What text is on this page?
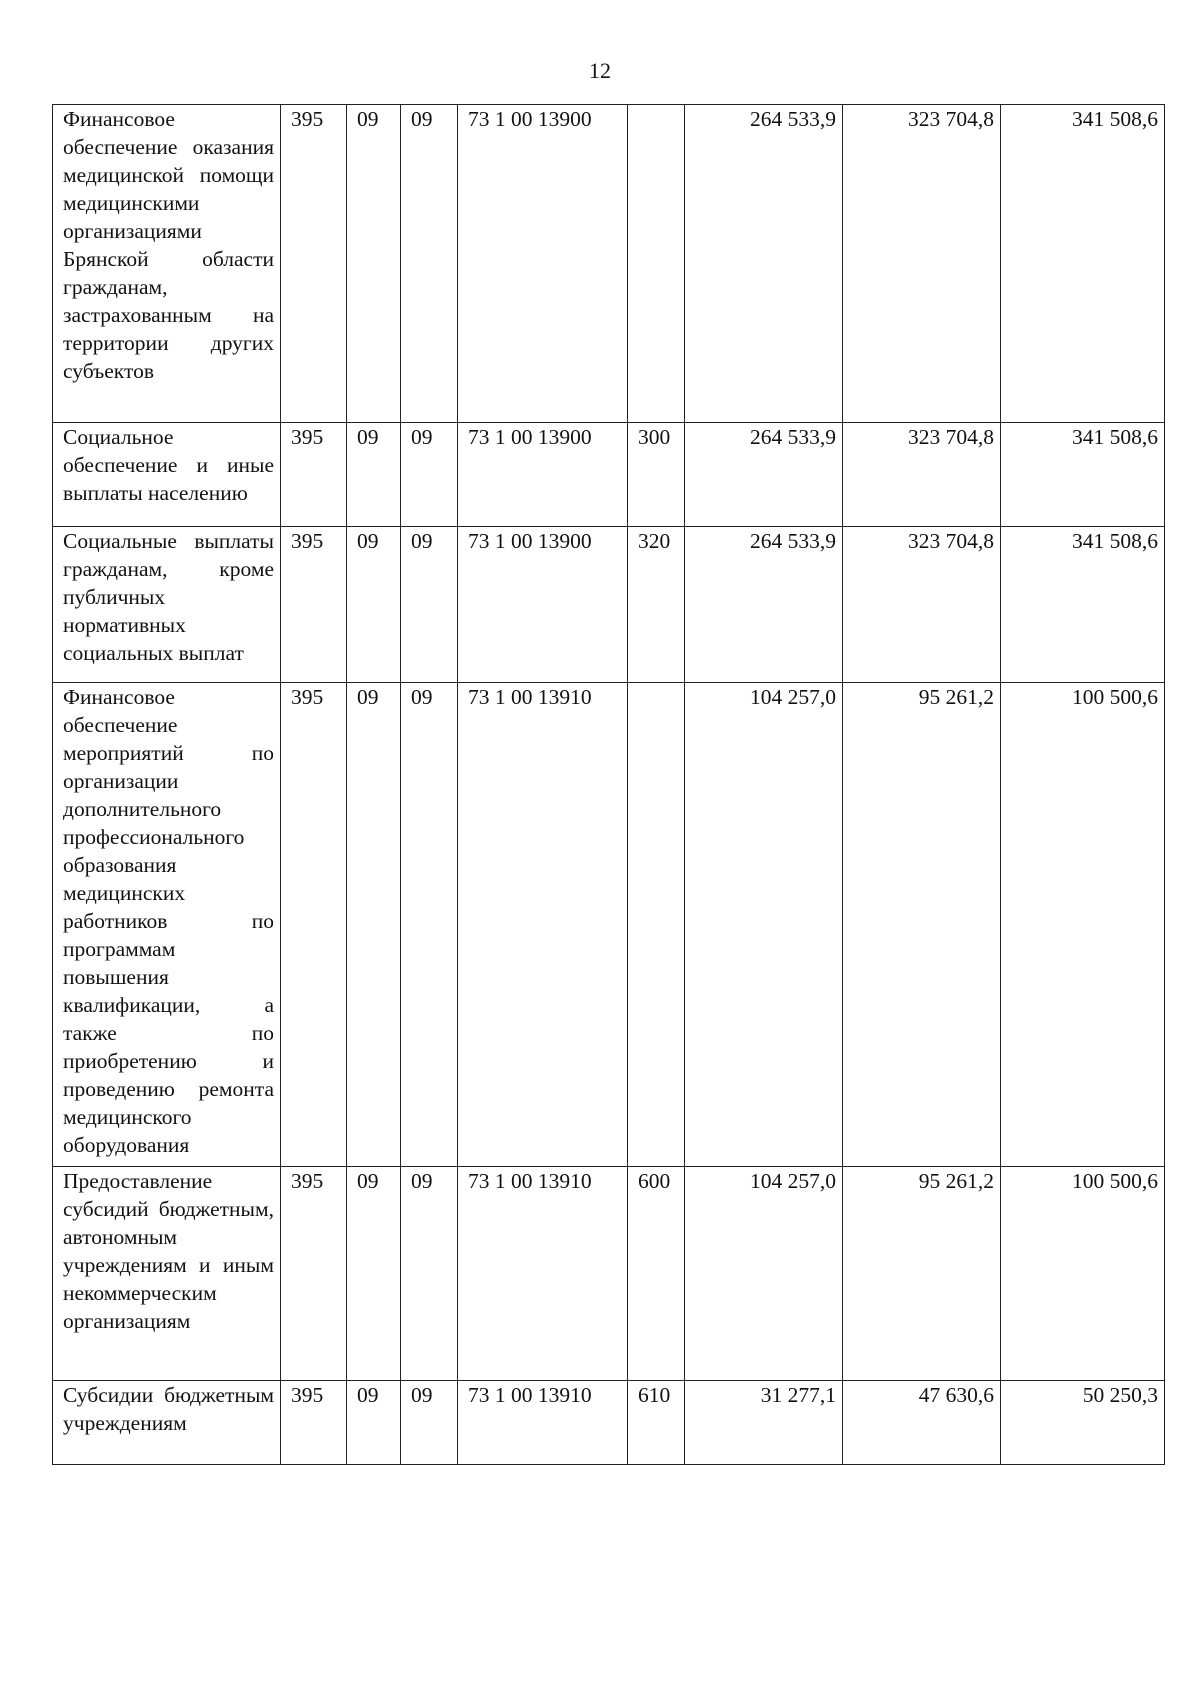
12
Финансовое обеспечение оказания медицинской помощи медицинскими организациями Брянской области гражданам, застрахованным на территории других субъектов	395	09	09	73 1 00 13900		264 533,9	323 704,8	341 508,6
Социальное обеспечение и иные выплаты населению	395	09	09	73 1 00 13900	300	264 533,9	323 704,8	341 508,6
Социальные выплаты гражданам, кроме публичных нормативных социальных выплат	395	09	09	73 1 00 13900	320	264 533,9	323 704,8	341 508,6
Финансовое обеспечение мероприятий по организации дополнительного профессионального образования медицинских работников по программам повышения квалификации, а также по приобретению и проведению ремонта медицинского оборудования	395	09	09	73 1 00 13910		104 257,0	95 261,2	100 500,6
Предоставление субсидий бюджетным, автономным учреждениям и иным некоммерческим организациям	395	09	09	73 1 00 13910	600	104 257,0	95 261,2	100 500,6
Субсидии бюджетным учреждениям	395	09	09	73 1 00 13910	610	31 277,1	47 630,6	50 250,3
